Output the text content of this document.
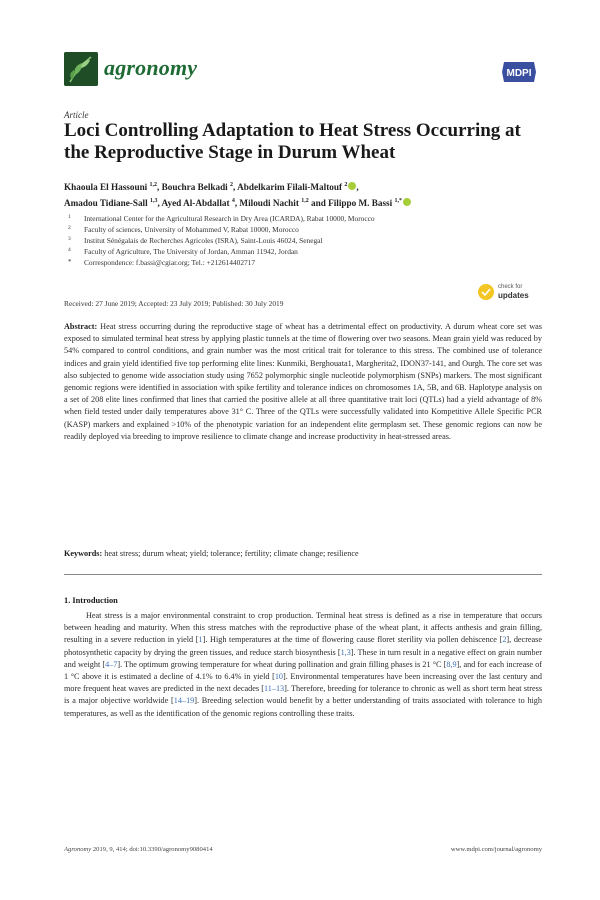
agronomy	MDPI
Article
Loci Controlling Adaptation to Heat Stress Occurring at the Reproductive Stage in Durum Wheat
Khaoula El Hassouni $^{1,2}$, Bouchra Belkadi $^2$, Abdelkarim Filali-Maltouf $^2$ ,
Amadou Tidiane-Sall $^{1,3}$, Ayed Al-Abdallat $^4$, Miloudi Nachit $^{1,2}$ and Filippo M. Bassi $^{1,*}$
1 International Center for the Agricultural Research in Dry Area (ICARDA), Rabat 10000, Morocco
2 Faculty of sciences, University of Mohammed V, Rabat 10000, Morocco
3 Institut Sénégalais de Recherches Agricoles (ISRA), Saint-Louis 46024, Senegal
4 Faculty of Agriculture, The University of Jordan, Amman 11942, Jordan
* Correspondence: f.bassi@cgiar.org; Tel.: +212614402717
Received: 27 June 2019; Accepted: 23 July 2019; Published: 30 July 2019
check for
updates

Abstract: Heat stress occurring during the reproductive stage of wheat has a detrimental effect on productivity. A durum wheat core set was exposed to simulated terminal heat stress by applying plastic tunnels at the time of flowering over two seasons. Mean grain yield was reduced by 54% compared to control conditions, and grain number was the most critical trait for tolerance to this stress. The combined use of tolerance indices and grain yield identified five top performing elite lines: Kunmiki, Berghouata1, Margherita2, IDON37-141, and Ourgh. The core set was also subjected to genome wide association study using 7652 polymorphic single nucleotide polymorphism (SNPs) markers. The most significant genomic regions were identified in association with spike fertility and tolerance indices on chromosomes 1A, 5B, and 6B. Haplotype analysis on a set of 208 elite lines confirmed that lines that carried the positive allele at all three quantitative trait loci (QTLs) had a yield advantage of 8% when field tested under daily temperatures above 31° C. Three of the QTLs were successfully validated into Kompetitive Allele Specific PCR (KASP) markers and explained >10% of the phenotypic variation for an independent elite germplasm set. These genomic regions can now be readily deployed via breeding to improve resilience to climate change and increase productivity in heat-stressed areas.

Keywords: heat stress; durum wheat; yield; tolerance; fertility; climate change; resilience

1. Introduction

Heat stress is a major environmental constraint to crop production. Terminal heat stress is defined as a rise in temperature that occurs between heading and maturity. When this stress matches with the reproductive phase of the wheat plant, it affects anthesis and grain filling, resulting in a severe reduction in yield [1]. High temperatures at the time of flowering cause floret sterility via pollen dehiscence [2], decrease photosynthetic capacity by drying the green tissues, and reduce starch biosynthesis [1,3]. These in turn result in a negative effect on grain number and weight [4–7]. The optimum growing temperature for wheat during pollination and grain filling phases is 21 °C [8,9], and for each increase of 1 °C above it is estimated a decline of 4.1% to 6.4% in yield [10]. Environmental temperatures have been increasing over the last century and more frequent heat waves are predicted in the next decades [11–13]. Therefore, breeding for tolerance to chronic as well as short term heat stress is a major objective worldwide [14–19]. Breeding selection would benefit by a better understanding of traits associated with tolerance to high temperatures, as well as the identification of the genomic regions controlling these traits.

Agronomy 2019, 9, 414; doi:10.3390/agronomy9080414	www.mdpi.com/journal/agronomy
